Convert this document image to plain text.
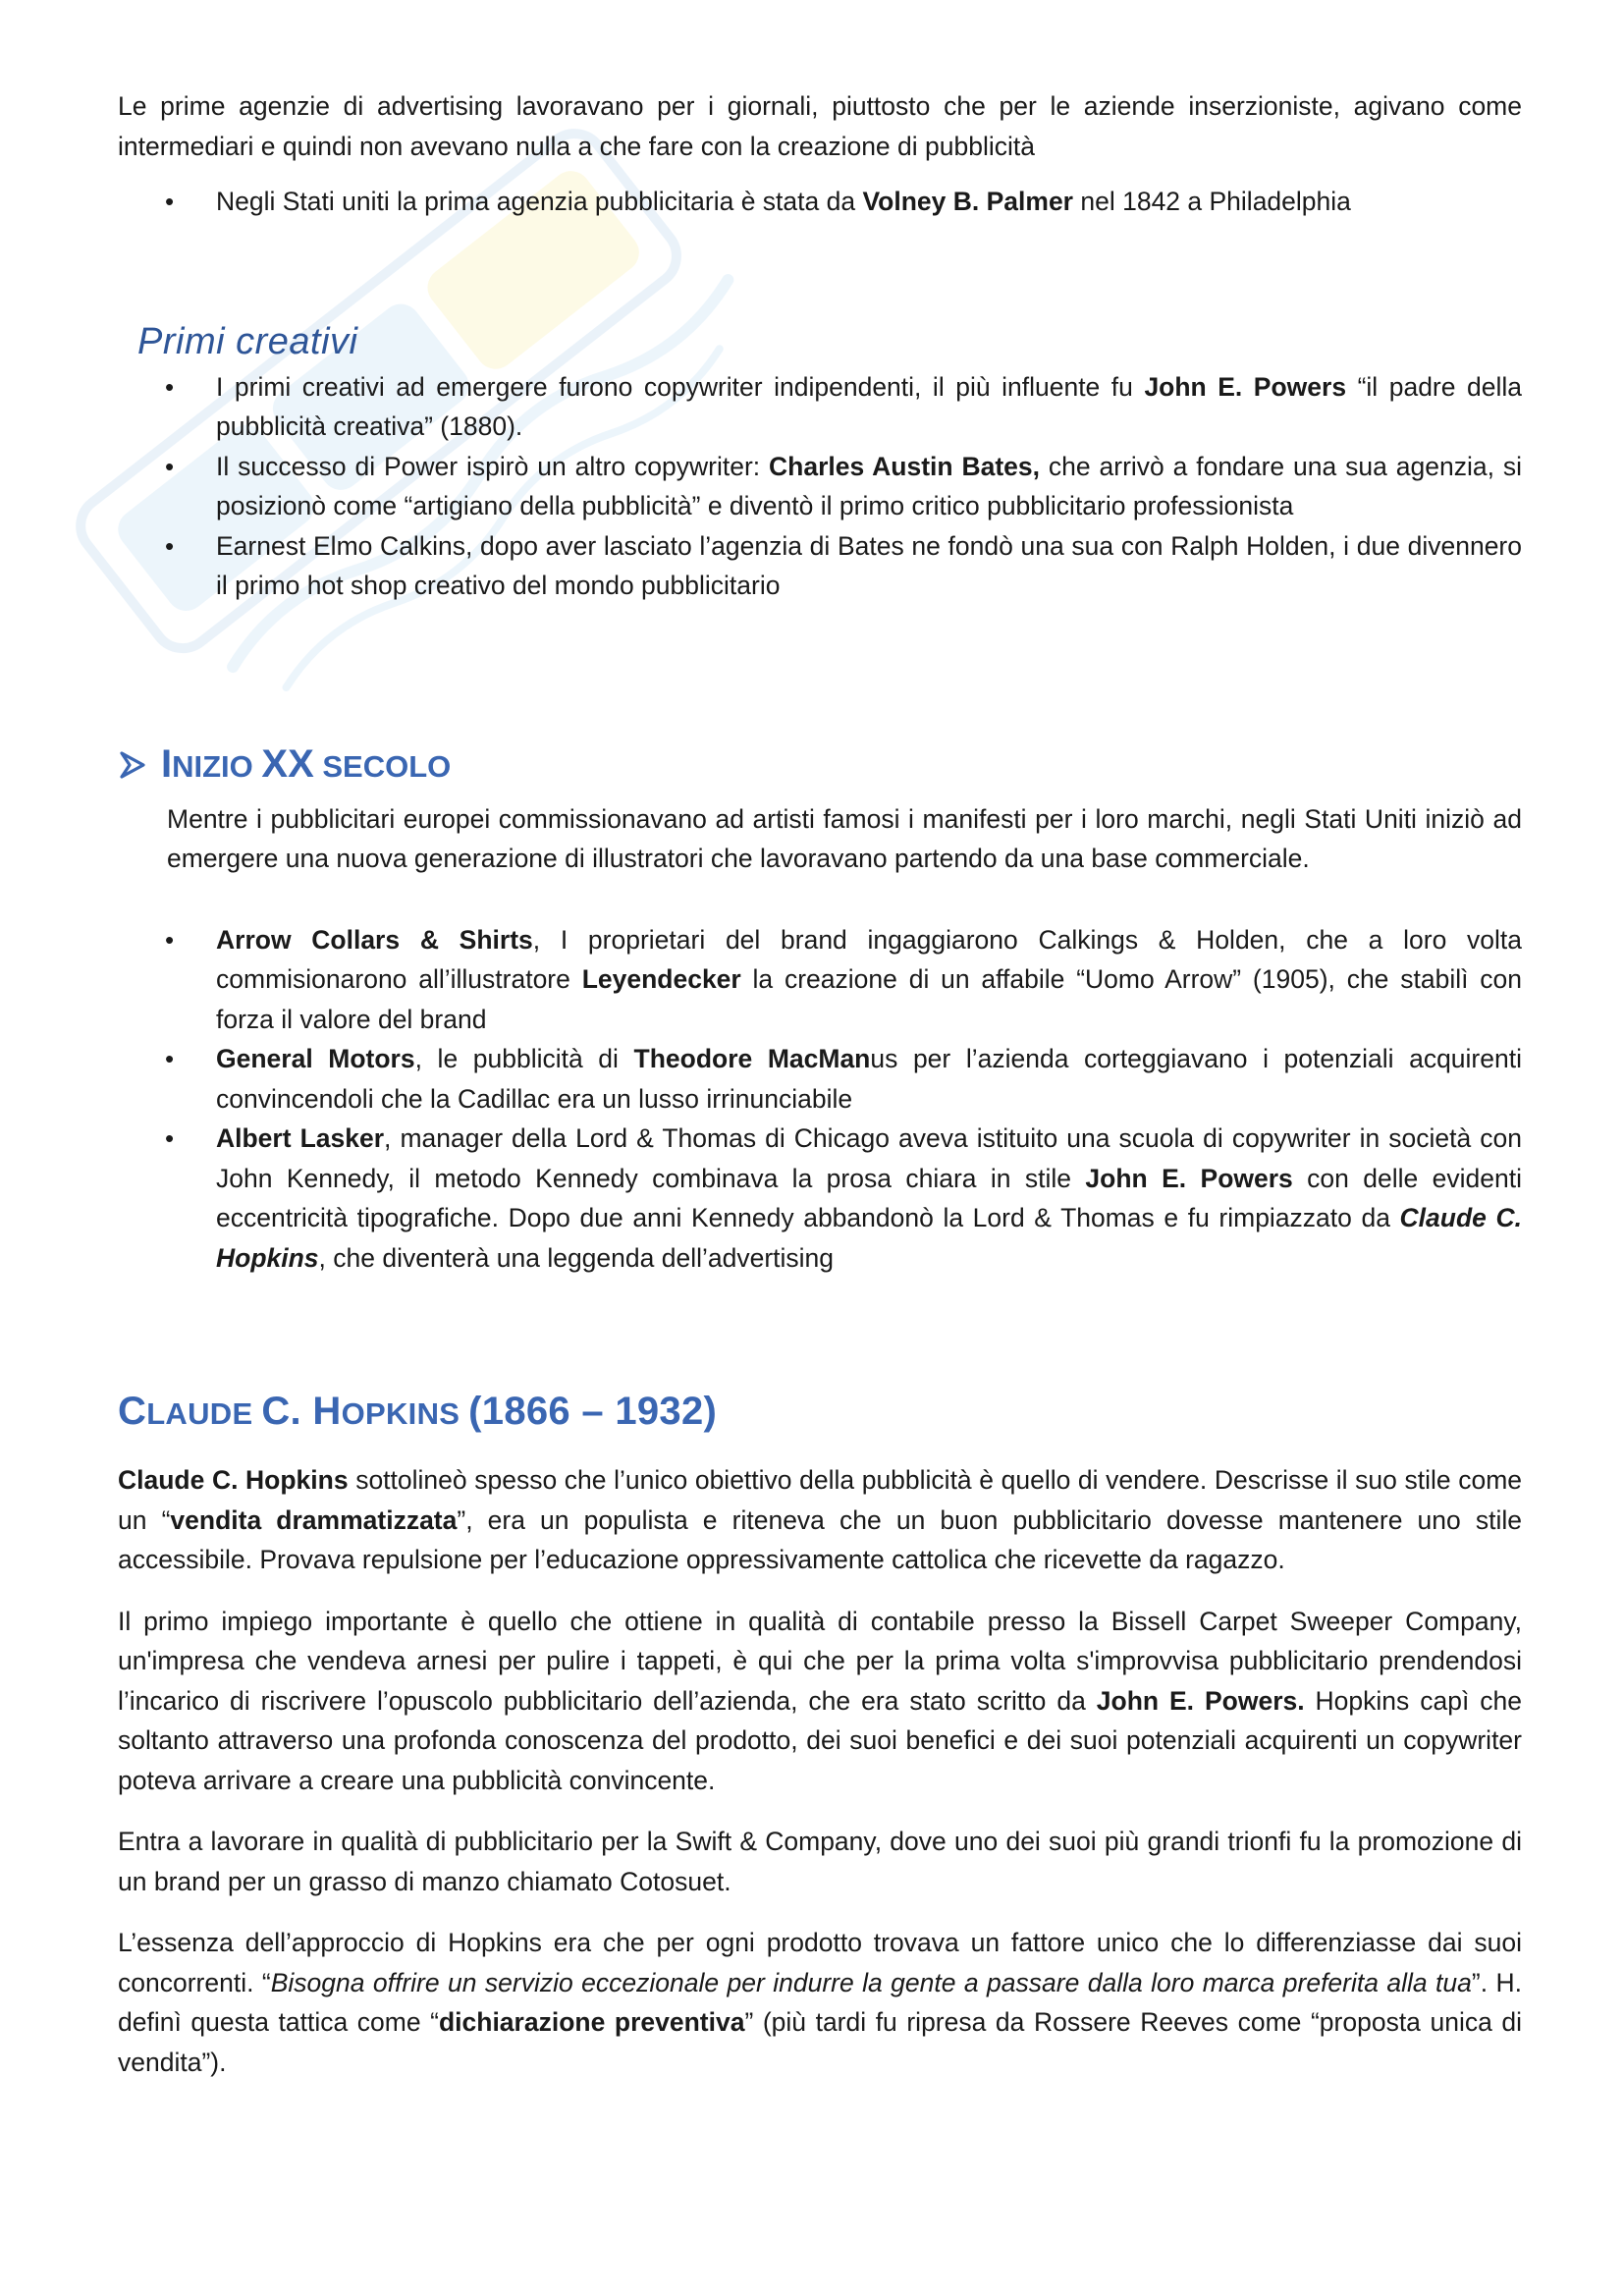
Le prime agenzie di advertising lavoravano per i giornali, piuttosto che per le aziende inserzioniste, agivano come intermediari e quindi non avevano nulla a che fare con la creazione di pubblicità

• Negli Stati uniti la prima agenzia pubblicitaria è stata da Volney B. Palmer nel 1842 a Philadelphia
Primi creativi
• I primi creativi ad emergere furono copywriter indipendenti, il più influente fu John E. Powers “il padre della pubblicità creativa” (1880).
• Il successo di Power ispirò un altro copywriter: Charles Austin Bates, che arrivò a fondare una sua agenzia, si posizionò come “artigiano della pubblicità” e diventò il primo critico pubblicitario professionista
• Earnest Elmo Calkins, dopo aver lasciato l’agenzia di Bates ne fondò una sua con Ralph Holden, i due divennero il primo hot shop creativo del mondo pubblicitario
INIZIO XX SECOLO

Mentre i pubblicitari europei commissionavano ad artisti famosi i manifesti per i loro marchi, negli Stati Uniti iniziò ad emergere una nuova generazione di illustratori che lavoravano partendo da una base commerciale.

• Arrow Collars & Shirts, I proprietari del brand ingaggiarono Calkings & Holden, che a loro volta commisionarono all’illustratore Leyendecker la creazione di un affabile “Uomo Arrow” (1905), che stabilì con forza il valore del brand
• General Motors, le pubblicità di Theodore MacManus per l’azienda corteggiavano i potenziali acquirenti convincendoli che la Cadillac era un lusso irrinunciabile
• Albert Lasker, manager della Lord & Thomas di Chicago aveva istituito una scuola di copywriter in società con John Kennedy, il metodo Kennedy combinava la prosa chiara in stile John E. Powers con delle evidenti eccentricità tipografiche. Dopo due anni Kennedy abbandonò la Lord & Thomas e fu rimpiazzato da Claude C. Hopkins, che diventerà una leggenda dell’advertising
CLAUDE C. HOPKINS (1866 – 1932)

Claude C. Hopkins sottolineò spesso che l’unico obiettivo della pubblicità è quello di vendere. Descrisse il suo stile come un “vendita drammatizzata”, era un populista e riteneva che un buon pubblicitario dovesse mantenere uno stile accessibile. Provava repulsione per l’educazione oppressivamente cattolica che ricevette da ragazzo.

Il primo impiego importante è quello che ottiene in qualità di contabile presso la Bissell Carpet Sweeper Company, un'impresa che vendeva arnesi per pulire i tappeti, è qui che per la prima volta s'improvvisa pubblicitario prendendosi l’incarico di riscrivere l’opuscolo pubblicitario dell’azienda, che era stato scritto da John E. Powers. Hopkins capì che soltanto attraverso una profonda conoscenza del prodotto, dei suoi benefici e dei suoi potenziali acquirenti un copywriter poteva arrivare a creare una pubblicità convincente.

Entra a lavorare in qualità di pubblicitario per la Swift & Company, dove uno dei suoi più grandi trionfi fu la promozione di un brand per un grasso di manzo chiamato Cotosuet.

L’essenza dell’approccio di Hopkins era che per ogni prodotto trovava un fattore unico che lo differenziasse dai suoi concorrenti. “Bisogna offrire un servizio eccezionale per indurre la gente a passare dalla loro marca preferita alla tua”. H. definì questa tattica come “dichiarazione preventiva” (più tardi fu ripresa da Rossere Reeves come “proposta unica di vendita”).
